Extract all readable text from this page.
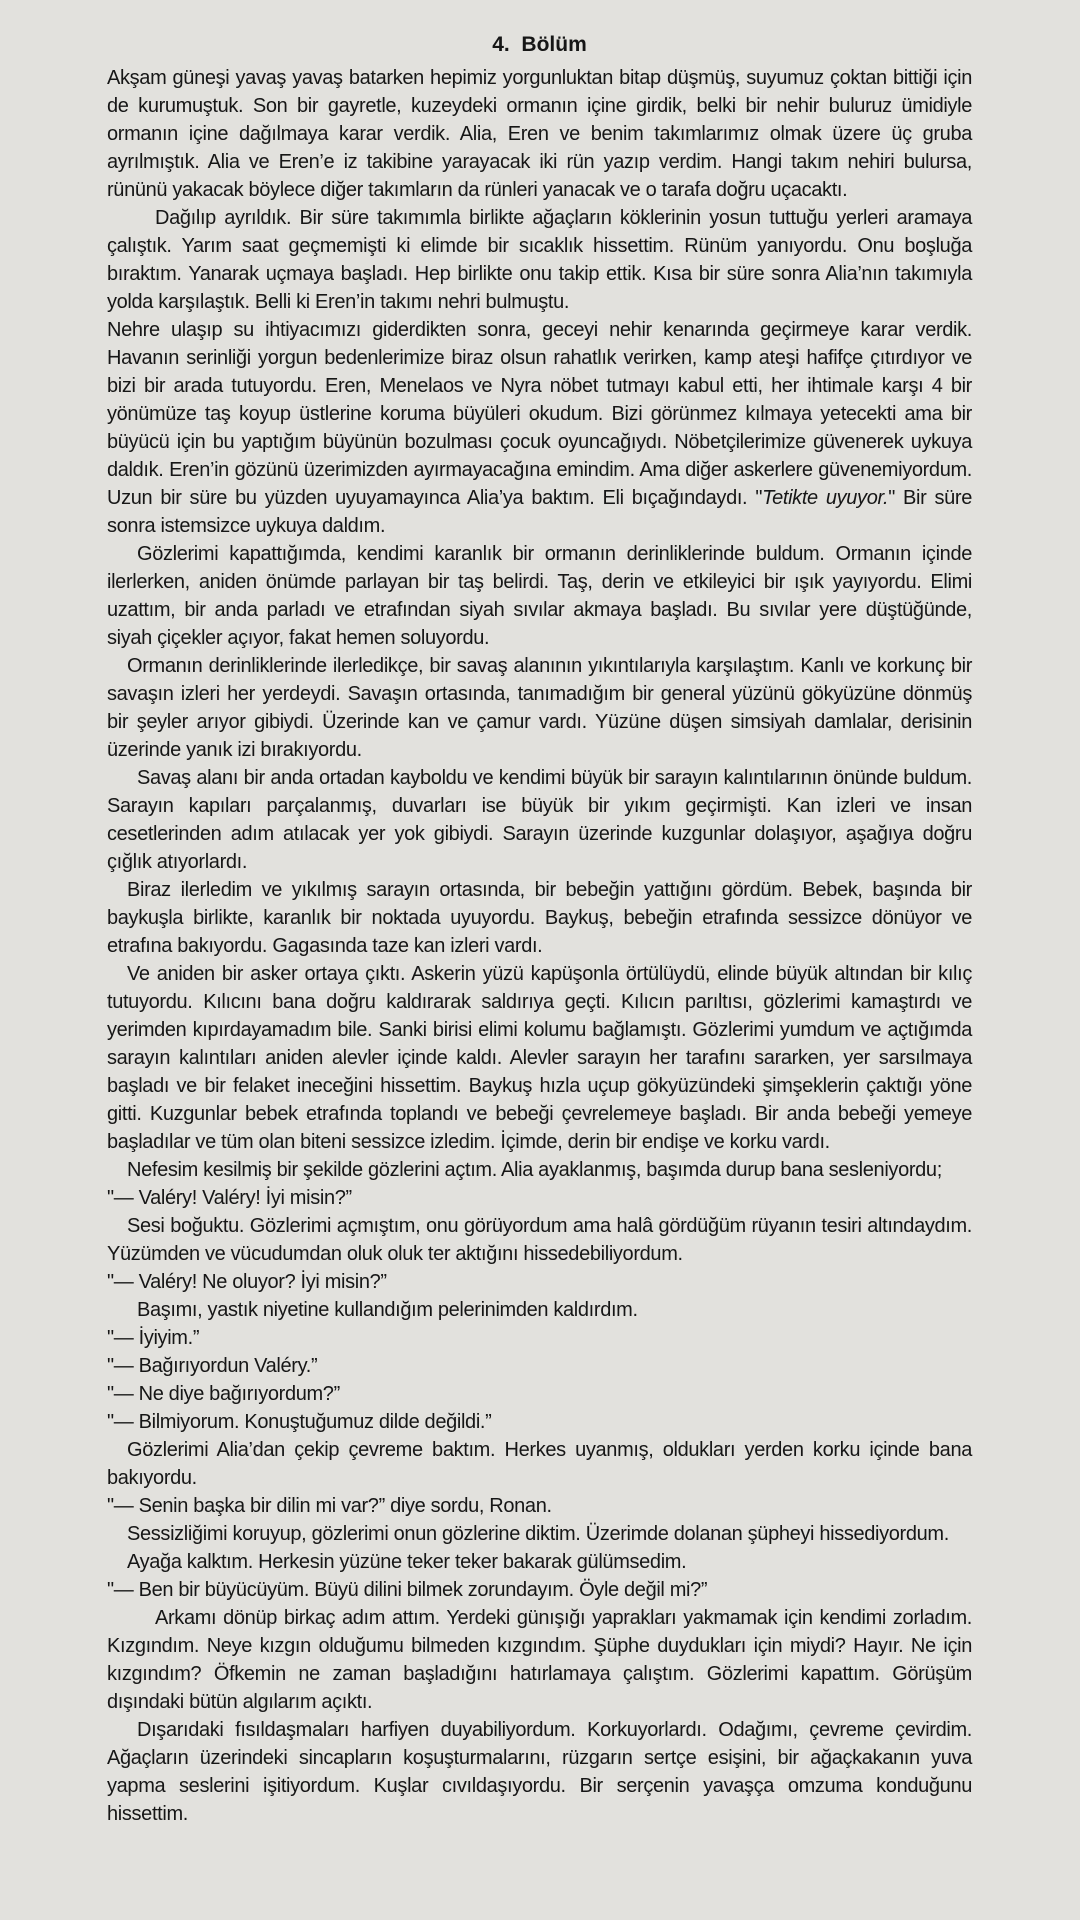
4.  Bölüm

Akşam güneşi yavaş yavaş batarken hepimiz yorgunluktan bitap düşmüş, suyumuz çoktan bittiği için de kurumuştuk. Son bir gayretle, kuzeydeki ormanın içine girdik, belki bir nehir buluruz ümidiyle ormanın içine dağılmaya karar verdik. Alia, Eren ve benim takımlarımız olmak üzere üç gruba ayrılmıştık. Alia ve Eren’e iz takibine yarayacak iki rün yazıp verdim. Hangi takım nehiri bulursa, rününü yakacak böylece diğer takımların da rünleri yanacak ve o tarafa doğru uçacaktı.

Dağılıp ayrıldık. Bir süre takımımla birlikte ağaçların köklerinin yosun tuttuğu yerleri aramaya çalıştık. Yarım saat geçmemişti ki elimde bir sıcaklık hissettim. Rünüm yanıyordu. Onu boşluğa bıraktım. Yanarak uçmaya başladı. Hep birlikte onu takip ettik. Kısa bir süre sonra Alia’nın takımıyla yolda karşılaştık. Belli ki Eren’in takımı nehri bulmuştu.

Nehre ulaşıp su ihtiyacımızı giderdikten sonra, geceyi nehir kenarında geçirmeye karar verdik. Havanın serinliği yorgun bedenlerimize biraz olsun rahatlık verirken, kamp ateşi hafifçe çıtırdıyor ve bizi bir arada tutuyordu. Eren, Menelaos ve Nyra nöbet tutmayı kabul etti, her ihtimale karşı 4 bir yönümüze taş koyup üstlerine koruma büyüleri okudum. Bizi görünmez kılmaya yetecekti ama bir büyücü için bu yaptığım büyünün bozulması çocuk oyuncağıydı. Nöbetçilerimize güvenerek uykuya daldık. Eren’in gözünü üzerimizden ayırmayacağına emindim. Ama diğer askerlere güvenemiyordum. Uzun bir süre bu yüzden uyuyamayınca Alia’ya baktım. Eli bıçağındaydı. "Tetikte uyuyor." Bir süre sonra istemsizce uykuya daldım.

Gözlerimi kapattığımda, kendimi karanlık bir ormanın derinliklerinde buldum. Ormanın içinde ilerlerken, aniden önümde parlayan bir taş belirdi. Taş, derin ve etkileyici bir ışık yayıyordu. Elimi uzattım, bir anda parladı ve etrafından siyah sıvılar akmaya başladı. Bu sıvılar yere düştüğünde, siyah çiçekler açıyor, fakat hemen soluyordu.

Ormanın derinliklerinde ilerledikçe, bir savaş alanının yıkıntılarıyla karşılaştım. Kanlı ve korkunç bir savaşın izleri her yerdeydi. Savaşın ortasında, tanımadığım bir general yüzünü gökyüzüne dönmüş bir şeyler arıyor gibiydi. Üzerinde kan ve çamur vardı. Yüzüne düşen simsiyah damlalar, derisinin üzerinde yanık izi bırakıyordu.

Savaş alanı bir anda ortadan kayboldu ve kendimi büyük bir sarayın kalıntılarının önünde buldum. Sarayın kapıları parçalanmış, duvarları ise büyük bir yıkım geçirmişti. Kan izleri ve insan cesetlerinden adım atılacak yer yok gibiydi. Sarayın üzerinde kuzgunlar dolaşıyor, aşağıya doğru çığlık atıyorlardı.

Biraz ilerledim ve yıkılmış sarayın ortasında, bir bebeğin yattığını gördüm. Bebek, başında bir baykuşla birlikte, karanlık bir noktada uyuyordu. Baykuş, bebeğin etrafında sessizce dönüyor ve etrafına bakıyordu. Gagasında taze kan izleri vardı.

Ve aniden bir asker ortaya çıktı. Askerin yüzü kapüşonla örtülüydü, elinde büyük altından bir kılıç tutuyordu. Kılıcını bana doğru kaldırarak saldırıya geçti. Kılıcın parıltısı, gözlerimi kamaştırdı ve yerimden kıpırdayamadım bile. Sanki birisi elimi kolumu bağlamıştı. Gözlerimi yumdum ve açtığımda sarayın kalıntıları aniden alevler içinde kaldı. Alevler sarayın her tarafını sararken, yer sarsılmaya başladı ve bir felaket ineceğini hissettim. Baykuş hızla uçup gökyüzündeki şimşeklerin çaktığı yöne gitti. Kuzgunlar bebek etrafında toplandı ve bebeği çevrelemeye başladı. Bir anda bebeği yemeye başladılar ve tüm olan biteni sessizce izledim. İçimde, derin bir endişe ve korku vardı.

Nefesim kesilmiş bir şekilde gözlerini açtım. Alia ayaklanmış, başımda durup bana sesleniyordu;

"— Valéry! Valéry! İyi misin?”

Sesi boğuktu. Gözlerimi açmıştım, onu görüyordum ama halâ gördüğüm rüyanın tesiri altındaydım. Yüzümden ve vücudumdan oluk oluk ter aktığını hissedebiliyordum.

"— Valéry! Ne oluyor? İyi misin?”

Başımı, yastık niyetine kullandığım pelerinimden kaldırdım.

"— İyiyim.”

"— Bağırıyordun Valéry.”

"— Ne diye bağırıyordum?”

"— Bilmiyorum. Konuştuğumuz dilde değildi.”

Gözlerimi Alia’dan çekip çevreme baktım. Herkes uyanmış, oldukları yerden korku içinde bana bakıyordu.

"— Senin başka bir dilin mi var?” diye sordu, Ronan.

Sessizliğimi koruyup, gözlerimi onun gözlerine diktim. Üzerimde dolanan şüpheyi hissediyordum.

Ayağa kalktım. Herkesin yüzüne teker teker bakarak gülümsedim.

"— Ben bir büyücüyüm. Büyü dilini bilmek zorundayım. Öyle değil mi?”

Arkamı dönüp birkaç adım attım. Yerdeki günışığı yaprakları yakmamak için kendimi zorladım. Kızgındım. Neye kızgın olduğumu bilmeden kızgındım. Şüphe duydukları için miydi? Hayır. Ne için kızgındım? Öfkemin ne zaman başladığını hatırlamaya çalıştım. Gözlerimi kapattım. Görüşüm dışındaki bütün algılarım açıktı.

Dışarıdaki fısıldaşmaları harfiyen duyabiliyordum. Korkuyorlardı. Odağımı, çevreme çevirdim. Ağaçların üzerindeki sincapların koşuşturmalarını, rüzgarın sertçe esişini, bir ağaçkakanın yuva yapma seslerini işitiyordum. Kuşlar cıvıldaşıyordu. Bir serçenin yavaşça omzuma konduğunu hissettim.
